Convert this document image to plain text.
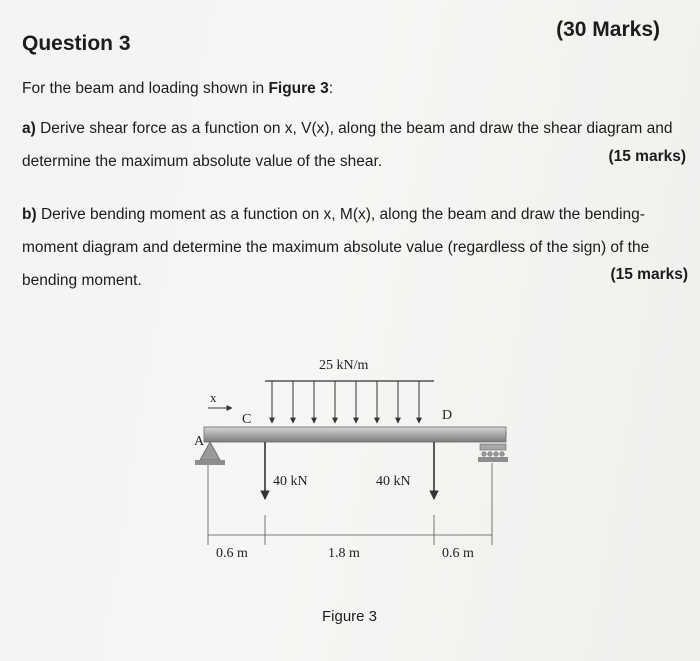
Question 3
(30 Marks)
For the beam and loading shown in Figure 3:
a) Derive shear force as a function on x, V(x), along the beam and draw the shear diagram and determine the maximum absolute value of the shear.	(15 marks)
b) Derive bending moment as a function on x, M(x), along the beam and draw the bending-moment diagram and determine the maximum absolute value (regardless of the sign) of the bending moment.	(15 marks)
25 kN/m
x
C	D
A
40 kN	40 kN
0.6 m	1.8 m	0.6 m
Figure 3
